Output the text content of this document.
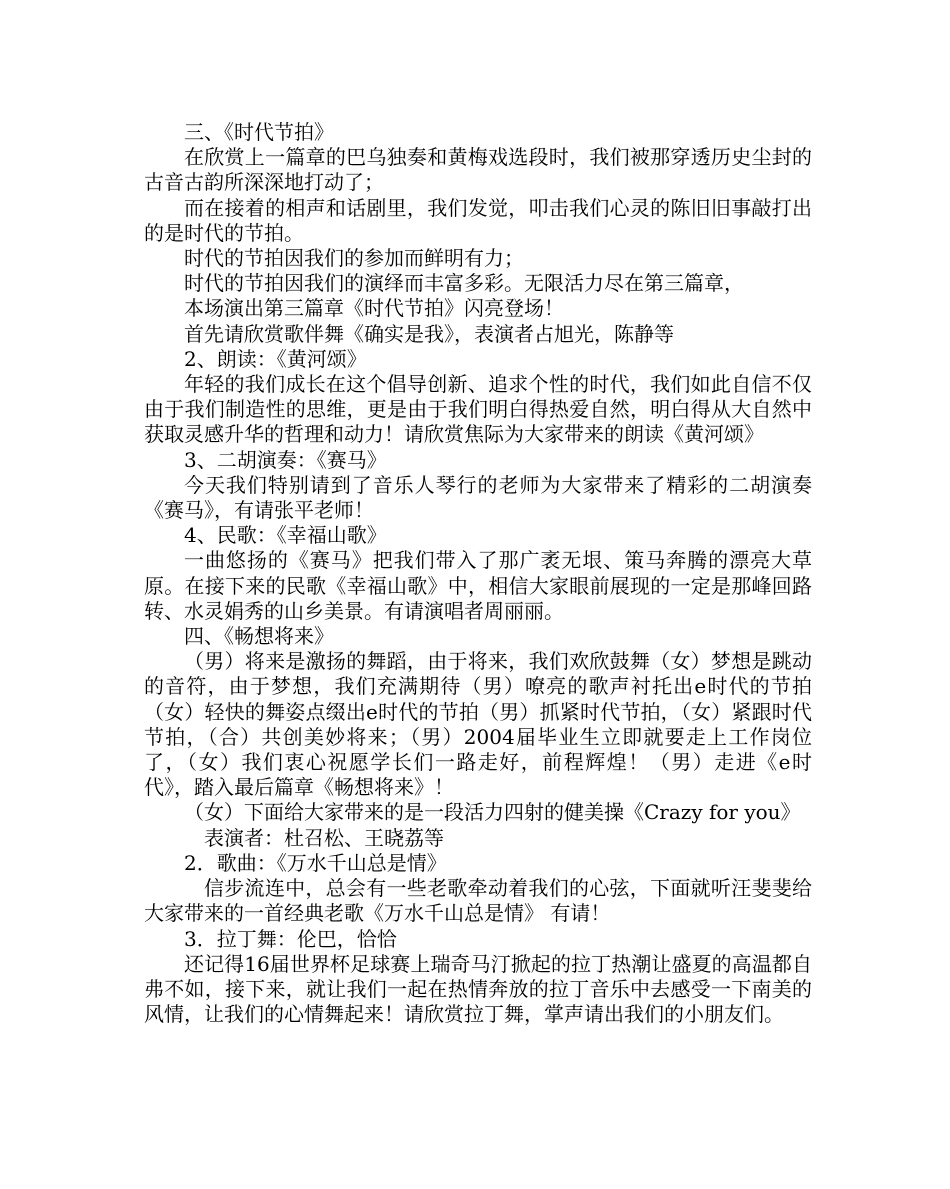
三、《时代节拍》

在欣赏上一篇章的巴乌独奏和黄梅戏选段时，我们被那穿透历史尘封的古音古韵所深深地打动了；

而在接着的相声和话剧里，我们发觉，叩击我们心灵的陈旧旧事敲打出的是时代的节拍。

时代的节拍因我们的参加而鲜明有力；

时代的节拍因我们的演绎而丰富多彩。无限活力尽在第三篇章，

本场演出第三篇章《时代节拍》闪亮登场！

首先请欣赏歌伴舞《确实是我》，表演者占旭光，陈静等

2、朗读：《黄河颂》

年轻的我们成长在这个倡导创新、追求个性的时代，我们如此自信不仅由于我们制造性的思维，更是由于我们明白得热爱自然，明白得从大自然中获取灵感升华的哲理和动力！请欣赏焦际为大家带来的朗读《黄河颂》

3、二胡演奏：《赛马》

今天我们特别请到了音乐人琴行的老师为大家带来了精彩的二胡演奏《赛马》，有请张平老师！

4、民歌：《幸福山歌》

一曲悠扬的《赛马》把我们带入了那广袤无垠、策马奔腾的漂亮大草原。在接下来的民歌《幸福山歌》中，相信大家眼前展现的一定是那峰回路转、水灵娟秀的山乡美景。有请演唱者周丽丽。

四、《畅想将来》

（男）将来是激扬的舞蹈，由于将来，我们欢欣鼓舞（女）梦想是跳动的音符，由于梦想，我们充满期待（男）嘹亮的歌声衬托出e时代的节拍（女）轻快的舞姿点缀出e时代的节拍（男）抓紧时代节拍，（女）紧跟时代节拍，（合）共创美妙将来；（男）2004届毕业生立即就要走上工作岗位了，（女）我们衷心祝愿学长们一路走好，前程辉煌！（男）走进《e时代》，踏入最后篇章《畅想将来》！

（女）下面给大家带来的是一段活力四射的健美操《Crazy for you》

表演者：杜召松、王晓荔等

2．歌曲：《万水千山总是情》

信步流连中，总会有一些老歌牵动着我们的心弦，下面就听汪斐斐给大家带来的一首经典老歌《万水千山总是情》 有请！

3．拉丁舞：伦巴，恰恰

还记得16届世界杯足球赛上瑞奇马汀掀起的拉丁热潮让盛夏的高温都自弗不如，接下来，就让我们一起在热情奔放的拉丁音乐中去感受一下南美的风情，让我们的心情舞起来！请欣赏拉丁舞，掌声请出我们的小朋友们。
